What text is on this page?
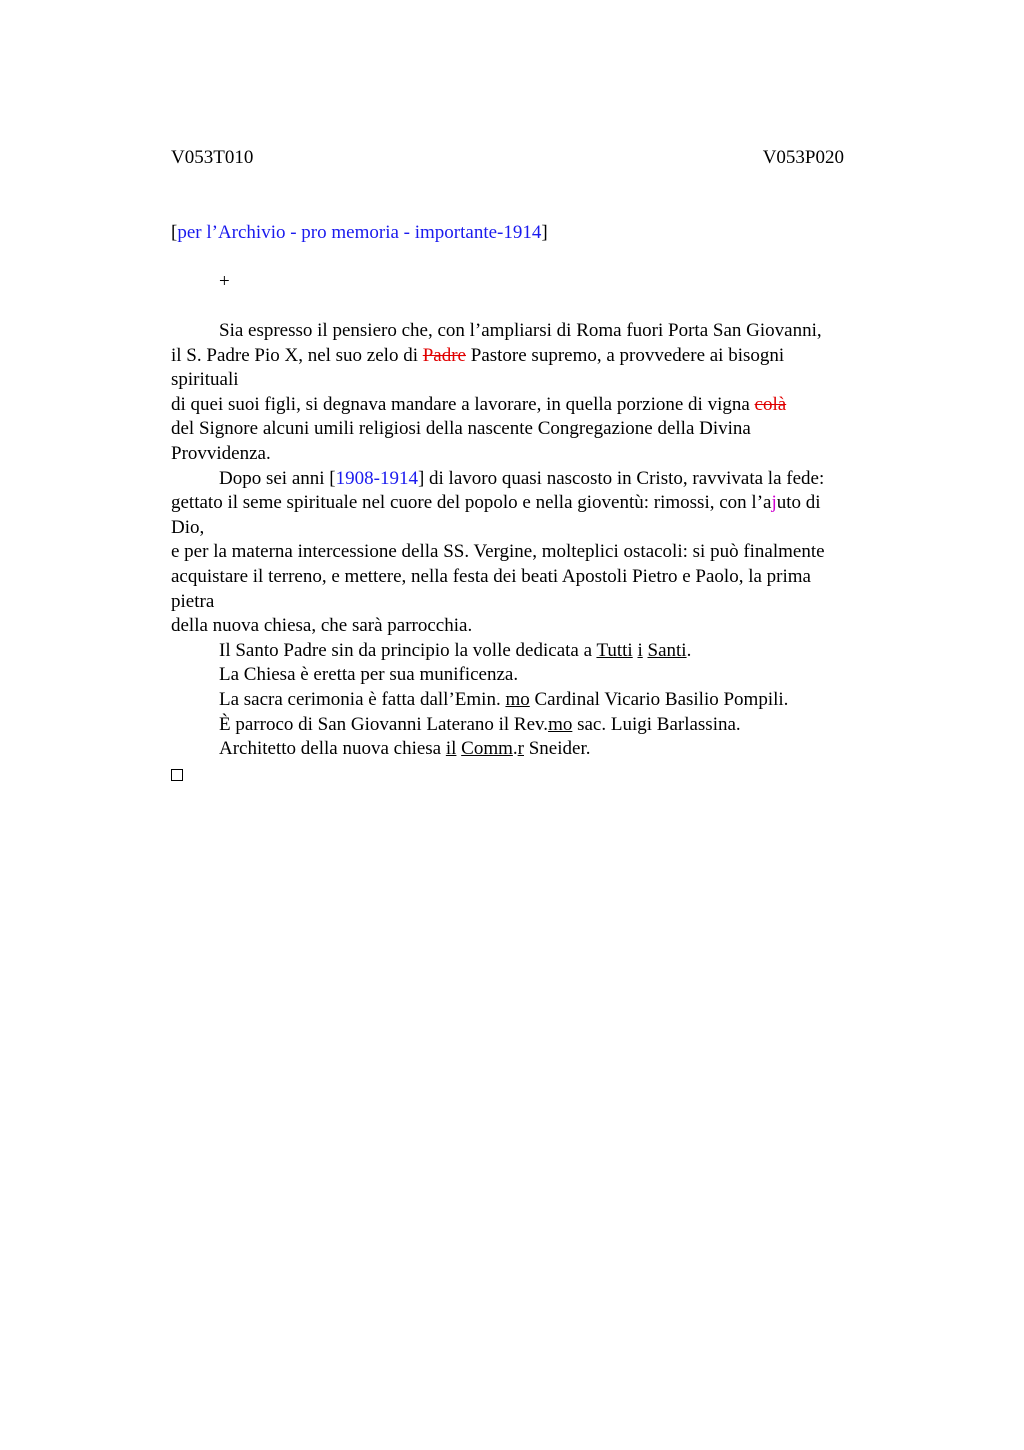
V053T010	V053P020
[per l’Archivio - pro memoria - importante-1914]
+
Sia espresso il pensiero che, con l’ampliarsi di Roma fuori Porta San Giovanni,
il S. Padre Pio X, nel suo zelo di Padre Pastore supremo, a provvedere ai bisogni
spirituali
di quei suoi figli, si degnava mandare a lavorare, in quella porzione di vigna colà
del Signore alcuni umili religiosi della nascente Congregazione della Divina
Provvidenza.
Dopo sei anni [1908-1914] di lavoro quasi nascosto in Cristo, ravvivata la fede:
gettato il seme spirituale nel cuore del popolo e nella gioventù: rimossi, con l’ajuto di
Dio,
e per la materna intercessione della SS. Vergine, molteplici ostacoli: si può finalmente
acquistare il terreno, e mettere, nella festa dei beati Apostoli Pietro e Paolo, la prima
pietra
della nuova chiesa, che sarà parrocchia.
Il Santo Padre sin da principio la volle dedicata a Tutti i Santi.
La Chiesa è eretta per sua munificenza.
La sacra cerimonia è fatta dall’Emin. mo Cardinal Vicario Basilio Pompili.
È parroco di San Giovanni Laterano il Rev.mo sac. Luigi Barlassina.
Architetto della nuova chiesa il Comm.r Sneider.
